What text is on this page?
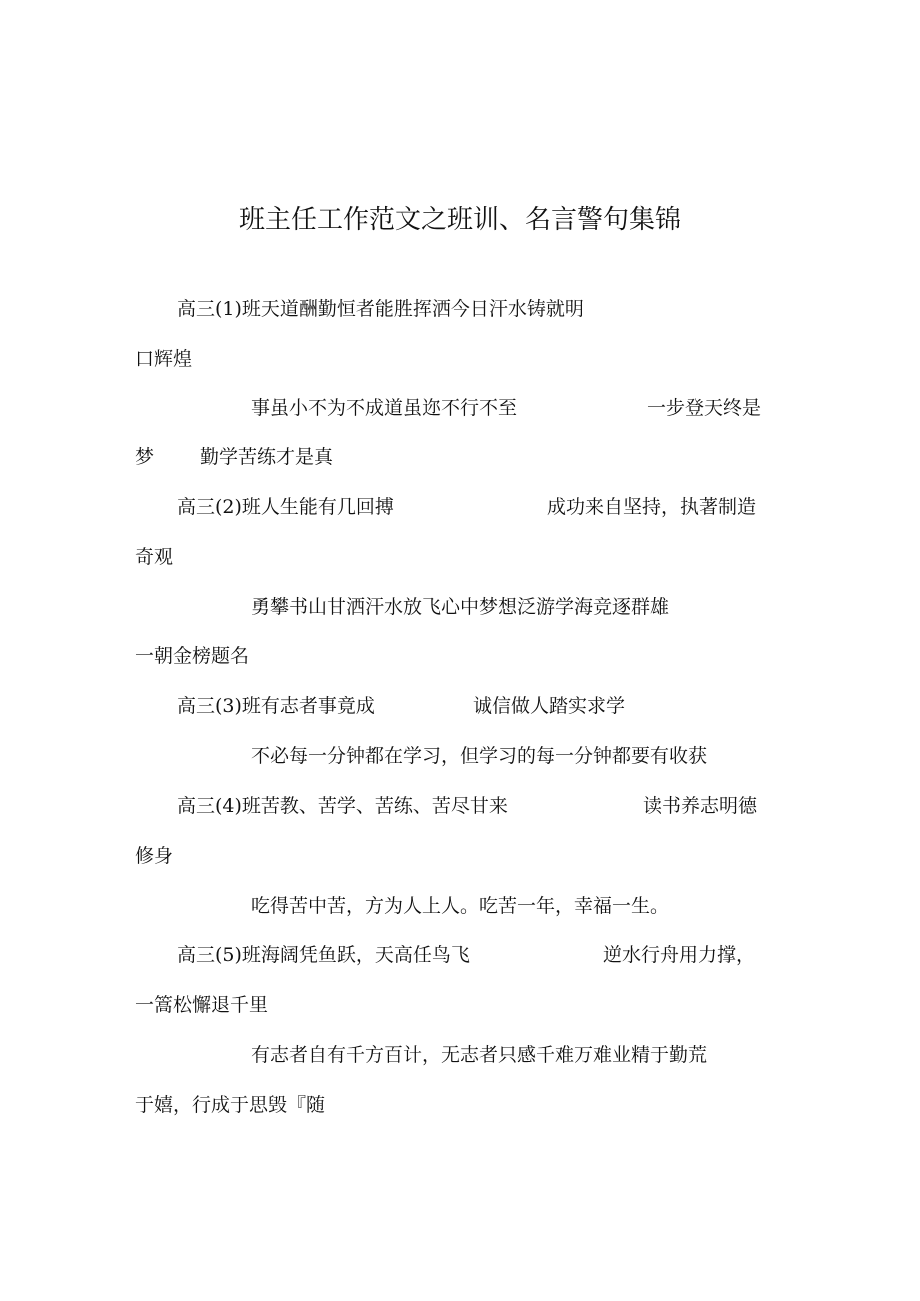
班主任工作范文之班训、名言警句集锦
高三(1)班天道酬勤恒者能胜挥洒今日汗水铸就明
口辉煌
事虽小不为不成道虽迩不行不至	一步登天终是
梦 勤学苦练才是真
高三(2)班人生能有几回搏	成功来自坚持，执著制造
奇观
勇攀书山甘洒汗水放飞心中梦想泛游学海竞逐群雄
一朝金榜题名
高三(3)班有志者事竟成	诚信做人踏实求学
不必每一分钟都在学习，但学习的每一分钟都要有收获
高三(4)班苦教、苦学、苦练、苦尽甘来	读书养志明德
修身
吃得苦中苦，方为人上人。吃苦一年，幸福一生。
高三(5)班海阔凭鱼跃，天高任鸟飞	逆水行舟用力撑，
一篙松懈退千里
有志者自有千方百计，无志者只感千难万难业精于勤荒
于嬉，行成于思毁『随
